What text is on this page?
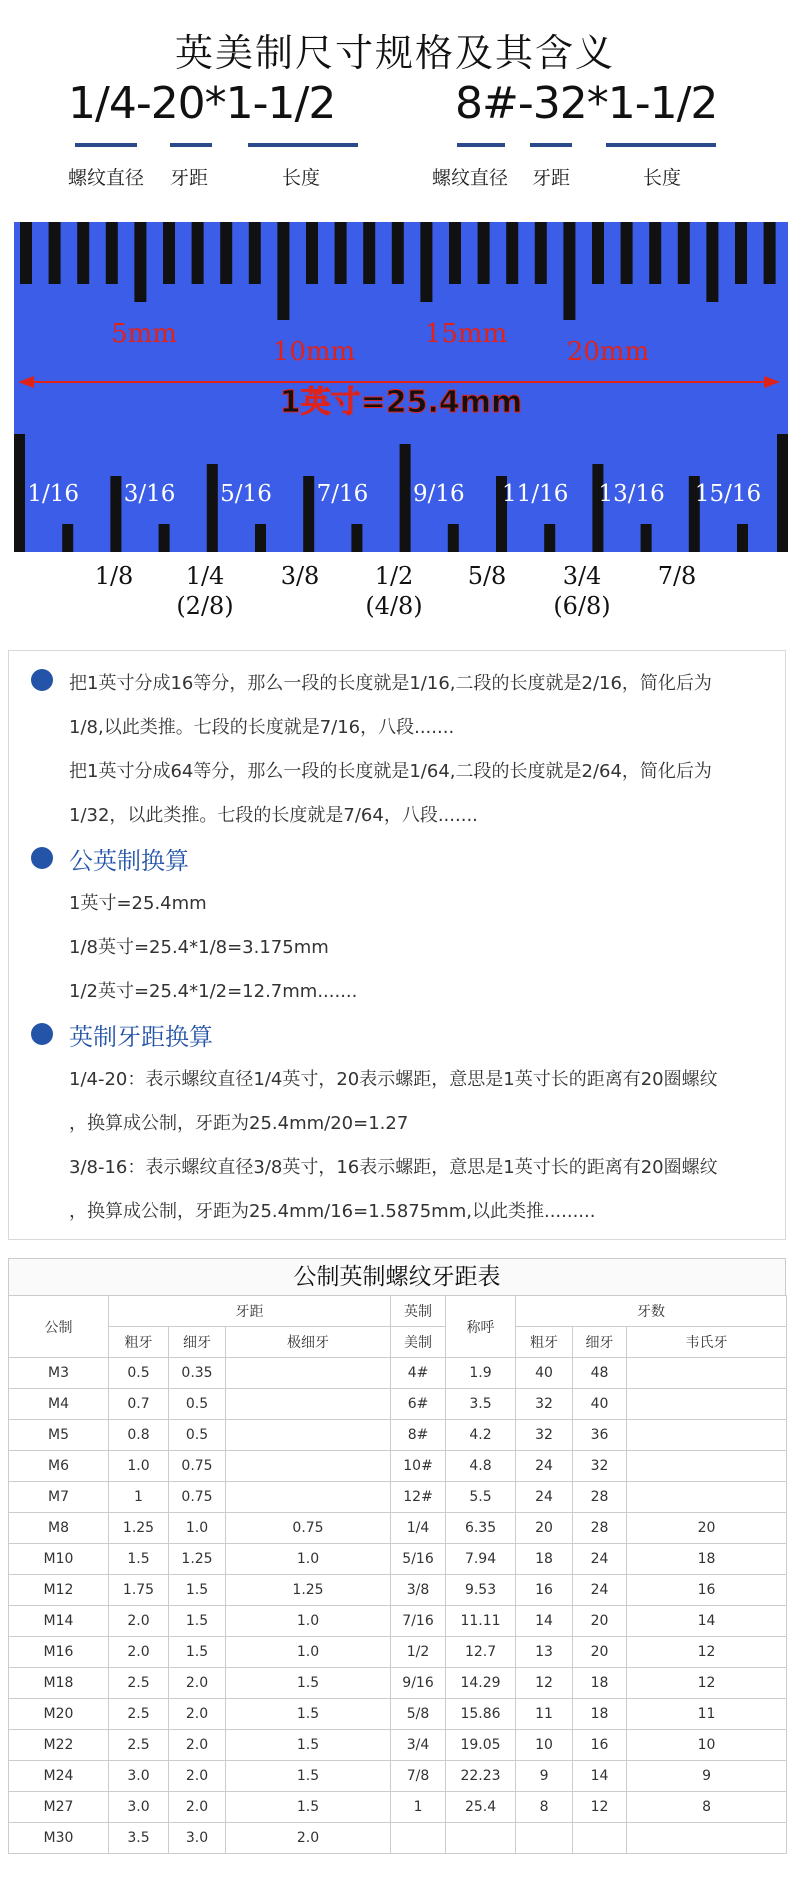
英美制尺寸规格及其含义
1/4-20*1-1/2	8#-32*1-1/2
螺纹直径 牙距	长度	螺纹直径 牙距	长度
5mm
10mm
15mm
20mm
1英寸=25.4mm
1/16 3/16 5/16 7/16 9/16 11/16 13/16 15/16
1/8	1/4	3/8	1/2	5/8	3/4	7/8
(2/8)	(4/8)	(6/8)
把1英寸分成16等分，那么一段的长度就是1/16,二段的长度就是2/16，简化后为
1/8,以此类推。七段的长度就是7/16，八段.......
把1英寸分成64等分，那么一段的长度就是1/64,二段的长度就是2/64，简化后为
1/32，以此类推。七段的长度就是7/64，八段.......
公英制换算
1英寸=25.4mm
1/8英寸=25.4*1/8=3.175mm
1/2英寸=25.4*1/2=12.7mm.......
英制牙距换算
1/4-20：表示螺纹直径1/4英寸，20表示螺距，意思是1英寸长的距离有20圈螺纹
，换算成公制，牙距为25.4mm/20=1.27
3/8-16：表示螺纹直径3/8英寸，16表示螺距，意思是1英寸长的距离有20圈螺纹
，换算成公制，牙距为25.4mm/16=1.5875mm,以此类推.........
公制英制螺纹牙距表
公制	牙距			英制	称呼	牙数		
	粗牙	细牙	极细牙	美制		粗牙	细牙	韦氏牙
M3	0.5	0.35		4#	1.9	40	48	
M4	0.7	0.5		6#	3.5	32	40	
M5	0.8	0.5		8#	4.2	32	36	
M6	1.0	0.75		10#	4.8	24	32	
M7	1	0.75		12#	5.5	24	28	
M8	1.25	1.0	0.75	1/4	6.35	20	28	20
M10	1.5	1.25	1.0	5/16	7.94	18	24	18
M12	1.75	1.5	1.25	3/8	9.53	16	24	16
M14	2.0	1.5	1.0	7/16	11.11	14	20	14
M16	2.0	1.5	1.0	1/2	12.7	13	20	12
M18	2.5	2.0	1.5	9/16	14.29	12	18	12
M20	2.5	2.0	1.5	5/8	15.86	11	18	11
M22	2.5	2.0	1.5	3/4	19.05	10	16	10
M24	3.0	2.0	1.5	7/8	22.23	9	14	9
M27	3.0	2.0	1.5	1	25.4	8	12	8
M30	3.5	3.0	2.0					
